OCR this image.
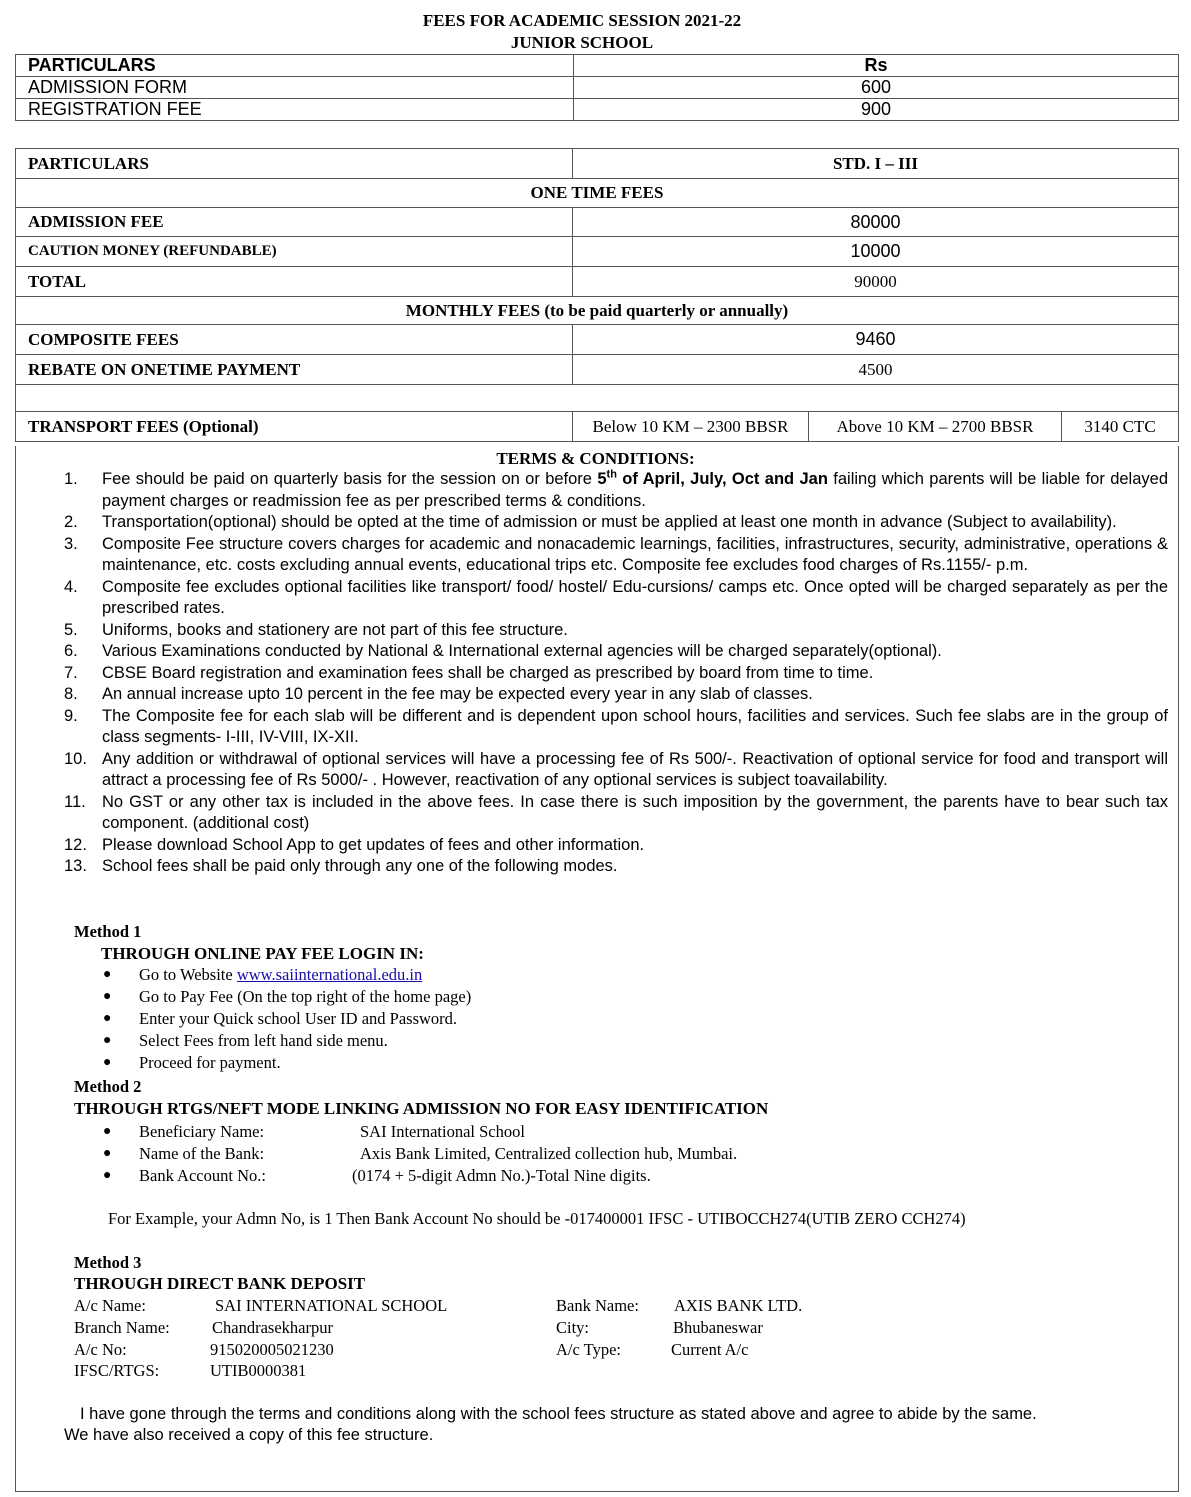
FEES FOR ACADEMIC SESSION 2021-22
JUNIOR SCHOOL
PARTICULARS	Rs
ADMISSION FORM	600
REGISTRATION FEE	900
PARTICULARS	STD. I – III		
ONE TIME FEES			
ADMISSION FEE	80000		
CAUTION MONEY (REFUNDABLE)	10000		
TOTAL	90000		
MONTHLY FEES (to be paid quarterly or annually)			
COMPOSITE FEES	9460		
REBATE ON ONETIME PAYMENT	4500		

TRANSPORT FEES (Optional)	Below 10 KM – 2300 BBSR	Above 10 KM – 2700 BBSR	3140 CTC
TERMS & CONDITIONS:
1. Fee should be paid on quarterly basis for the session on or before 5th of April, July, Oct and Jan failing which parents will be liable for delayed payment charges or readmission fee as per prescribed terms & conditions.
2. Transportation(optional) should be opted at the time of admission or must be applied at least one month in advance (Subject to availability).
3. Composite Fee structure covers charges for academic and nonacademic learnings, facilities, infrastructures, security, administrative, operations & maintenance, etc. costs excluding annual events, educational trips etc. Composite fee excludes food charges of Rs.1155/- p.m.
4. Composite fee excludes optional facilities like transport/ food/ hostel/ Edu-cursions/ camps etc. Once opted will be charged separately as per the prescribed rates.
5. Uniforms, books and stationery are not part of this fee structure.
6. Various Examinations conducted by National & International external agencies will be charged separately(optional).
7. CBSE Board registration and examination fees shall be charged as prescribed by board from time to time.
8. An annual increase upto 10 percent in the fee may be expected every year in any slab of classes.
9. The Composite fee for each slab will be different and is dependent upon school hours, facilities and services. Such fee slabs are in the group of class segments- I-III, IV-VIII, IX-XII.
10. Any addition or withdrawal of optional services will have a processing fee of Rs 500/-. Reactivation of optional service for food and transport will attract a processing fee of Rs 5000/- . However, reactivation of any optional services is subject toavailability.
11. No GST or any other tax is included in the above fees. In case there is such imposition by the government, the parents have to bear such tax component. (additional cost)
12. Please download School App to get updates of fees and other information.
13. School fees shall be paid only through any one of the following modes.
Method 1
THROUGH ONLINE PAY FEE LOGIN IN:
● Go to Website www.saiinternational.edu.in
● Go to Pay Fee (On the top right of the home page)
● Enter your Quick school User ID and Password.
● Select Fees from left hand side menu.
● Proceed for payment.
Method 2
THROUGH RTGS/NEFT MODE LINKING ADMISSION NO FOR EASY IDENTIFICATION
● Beneficiary Name:	SAI International School
● Name of the Bank:	Axis Bank Limited, Centralized collection hub, Mumbai.
● Bank Account No.:	(0174 + 5-digit Admn No.)-Total Nine digits.
For Example, your Admn No, is 1 Then Bank Account No should be -017400001 IFSC - UTIBOCCH274(UTIB ZERO CCH274)
Method 3
THROUGH DIRECT BANK DEPOSIT
A/c Name:	SAI INTERNATIONAL SCHOOL	Bank Name: AXIS BANK LTD.
Branch Name:	Chandrasekharpur	City:	Bhubaneswar
A/c No:	915020005021230	A/c Type:	Current A/c
IFSC/RTGS:	UTIB0000381
I have gone through the terms and conditions along with the school fees structure as stated above and agree to abide by the same.
We have also received a copy of this fee structure.
